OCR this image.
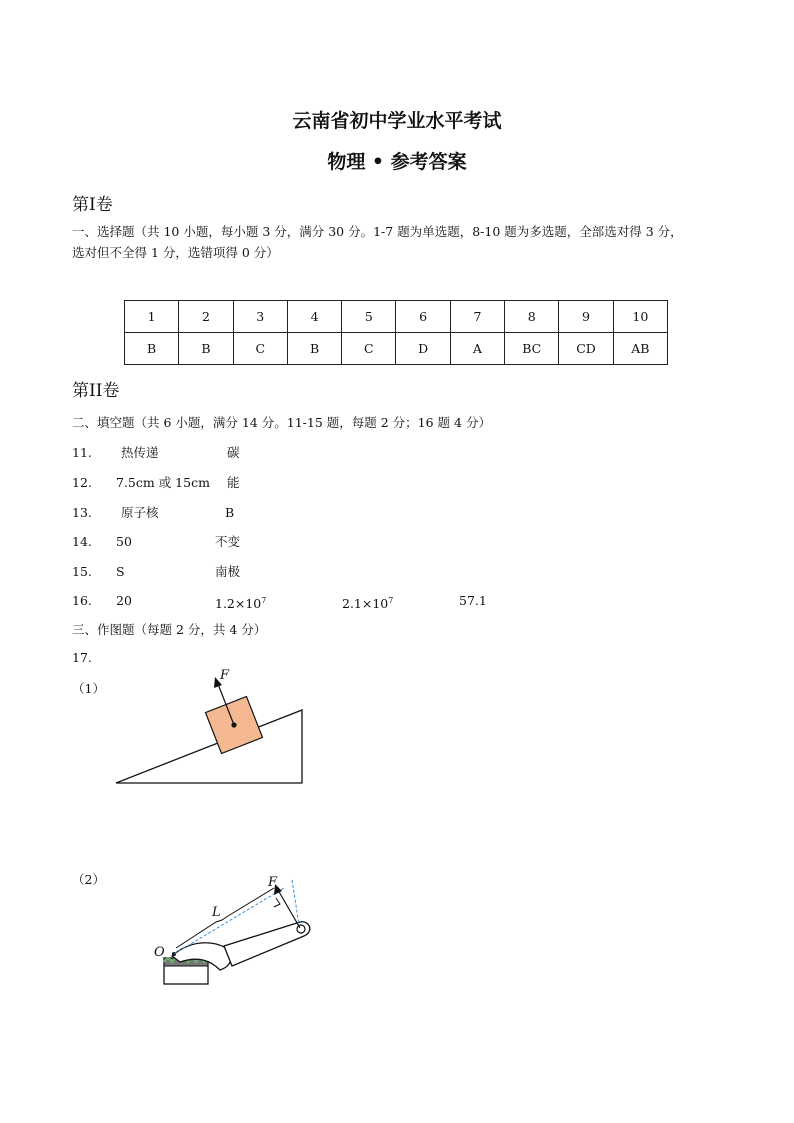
云南省初中学业水平考试
物理 • 参考答案
第Ⅰ卷
一、选择题（共 10 小题，每小题 3 分，满分 30 分。1-7 题为单选题，8-10 题为多选题，全部选对得 3 分，
选对但不全得 1 分，选错项得 0 分）
1	2	3	4	5	6	7	8	9	10
B	B	C	B	C	D	A	BC	CD	AB
第II卷
二、填空题（共 6 小题，满分 14 分。11-15 题，每题 2 分；16 题 4 分）
11. 热传递	碳
12. 7.5cm 或 15cm 能
13. 原子核	B
14. 50	不变
15. S	南极
16. 20	$1.2\times 10^7$	$2.1\times 10^7$	57.1
三、作图题（每题 2 分，共 4 分）
17.
（1）
F
（2）
O
F
L
